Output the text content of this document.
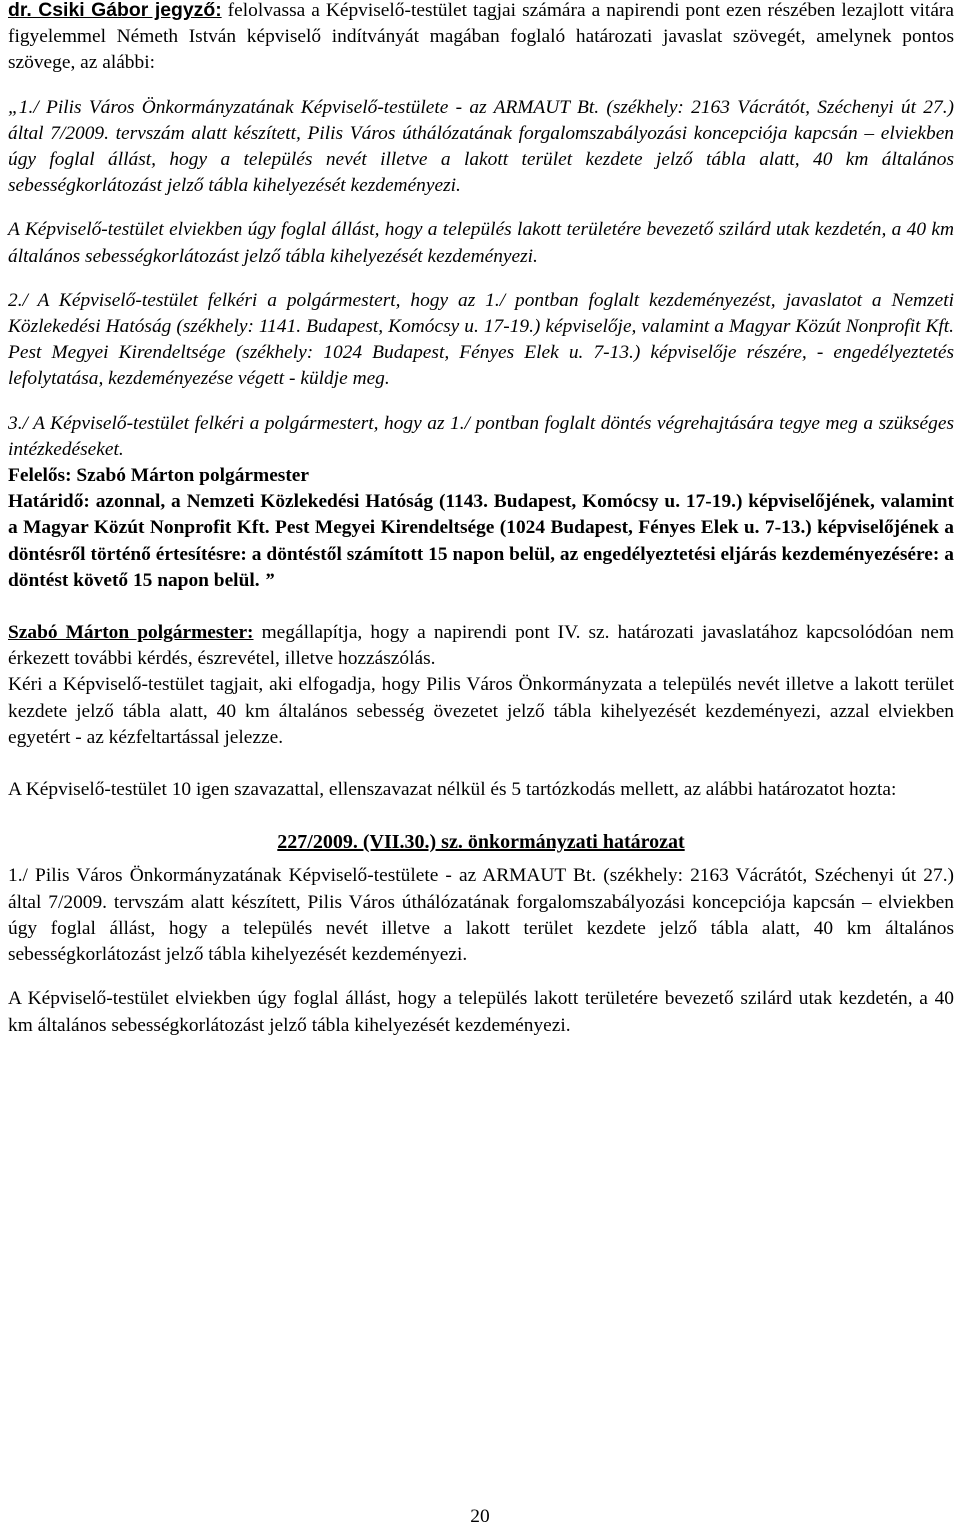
dr. Csiki Gábor jegyző: felolvassa a Képviselő-testület tagjai számára a napirendi pont ezen részében lezajlott vitára figyelemmel Németh István képviselő indítványát magában foglaló határozati javaslat szövegét, amelynek pontos szövege, az alábbi:

„1./ Pilis Város Önkormányzatának Képviselő-testülete - az ARMAUT Bt. (székhely: 2163 Vácrátót, Széchenyi út 27.) által 7/2009. tervszám alatt készített, Pilis Város úthálózatának forgalomszabályozási koncepciója kapcsán – elviekben úgy foglal állást, hogy a település nevét illetve a lakott terület kezdete jelző tábla alatt, 40 km általános sebességkorlátozást jelző tábla kihelyezését kezdeményezi.

A Képviselő-testület elviekben úgy foglal állást, hogy a település lakott területére bevezető szilárd utak kezdetén, a 40 km általános sebességkorlátozást jelző tábla kihelyezését kezdeményezi.

2./ A Képviselő-testület felkéri a polgármestert, hogy az 1./ pontban foglalt kezdeményezést, javaslatot a Nemzeti Közlekedési Hatóság (székhely: 1141. Budapest, Komócsy u. 17-19.) képviselője, valamint a Magyar Közút Nonprofit Kft. Pest Megyei Kirendeltsége (székhely: 1024 Budapest, Fényes Elek u. 7-13.) képviselője részére, - engedélyeztetés lefolytatása, kezdeményezése végett - küldje meg.

3./ A Képviselő-testület felkéri a polgármestert, hogy az 1./ pontban foglalt döntés végrehajtására tegye meg a szükséges intézkedéseket.

Felelős: Szabó Márton polgármester

Határidő: azonnal, a Nemzeti Közlekedési Hatóság (1143. Budapest, Komócsy u. 17-19.) képviselőjének, valamint a Magyar Közút Nonprofit Kft. Pest Megyei Kirendeltsége (1024 Budapest, Fényes Elek u. 7-13.) képviselőjének a döntésről történő értesítésre: a döntéstől számított 15 napon belül, az engedélyeztetési eljárás kezdeményezésére: a döntést követő 15 napon belül. ”

Szabó Márton polgármester: megállapítja, hogy a napirendi pont IV. sz. határozati javaslatához kapcsolódóan nem érkezett további kérdés, észrevétel, illetve hozzászólás.

Kéri a Képviselő-testület tagjait, aki elfogadja, hogy Pilis Város Önkormányzata a település nevét illetve a lakott terület kezdete jelző tábla alatt, 40 km általános sebesség övezetet jelző tábla kihelyezését kezdeményezi, azzal elviekben egyetért - az kézfeltartással jelezze.

A Képviselő-testület 10 igen szavazattal, ellenszavazat nélkül és 5 tartózkodás mellett, az alábbi határozatot hozta:

227/2009. (VII.30.) sz. önkormányzati határozat

1./ Pilis Város Önkormányzatának Képviselő-testülete - az ARMAUT Bt. (székhely: 2163 Vácrátót, Széchenyi út 27.) által 7/2009. tervszám alatt készített, Pilis Város úthálózatának forgalomszabályozási koncepciója kapcsán – elviekben úgy foglal állást, hogy a település nevét illetve a lakott terület kezdete jelző tábla alatt, 40 km általános sebességkorlátozást jelző tábla kihelyezését kezdeményezi.

A Képviselő-testület elviekben úgy foglal állást, hogy a település lakott területére bevezető szilárd utak kezdetén, a 40 km általános sebességkorlátozást jelző tábla kihelyezését kezdeményezi.

20
